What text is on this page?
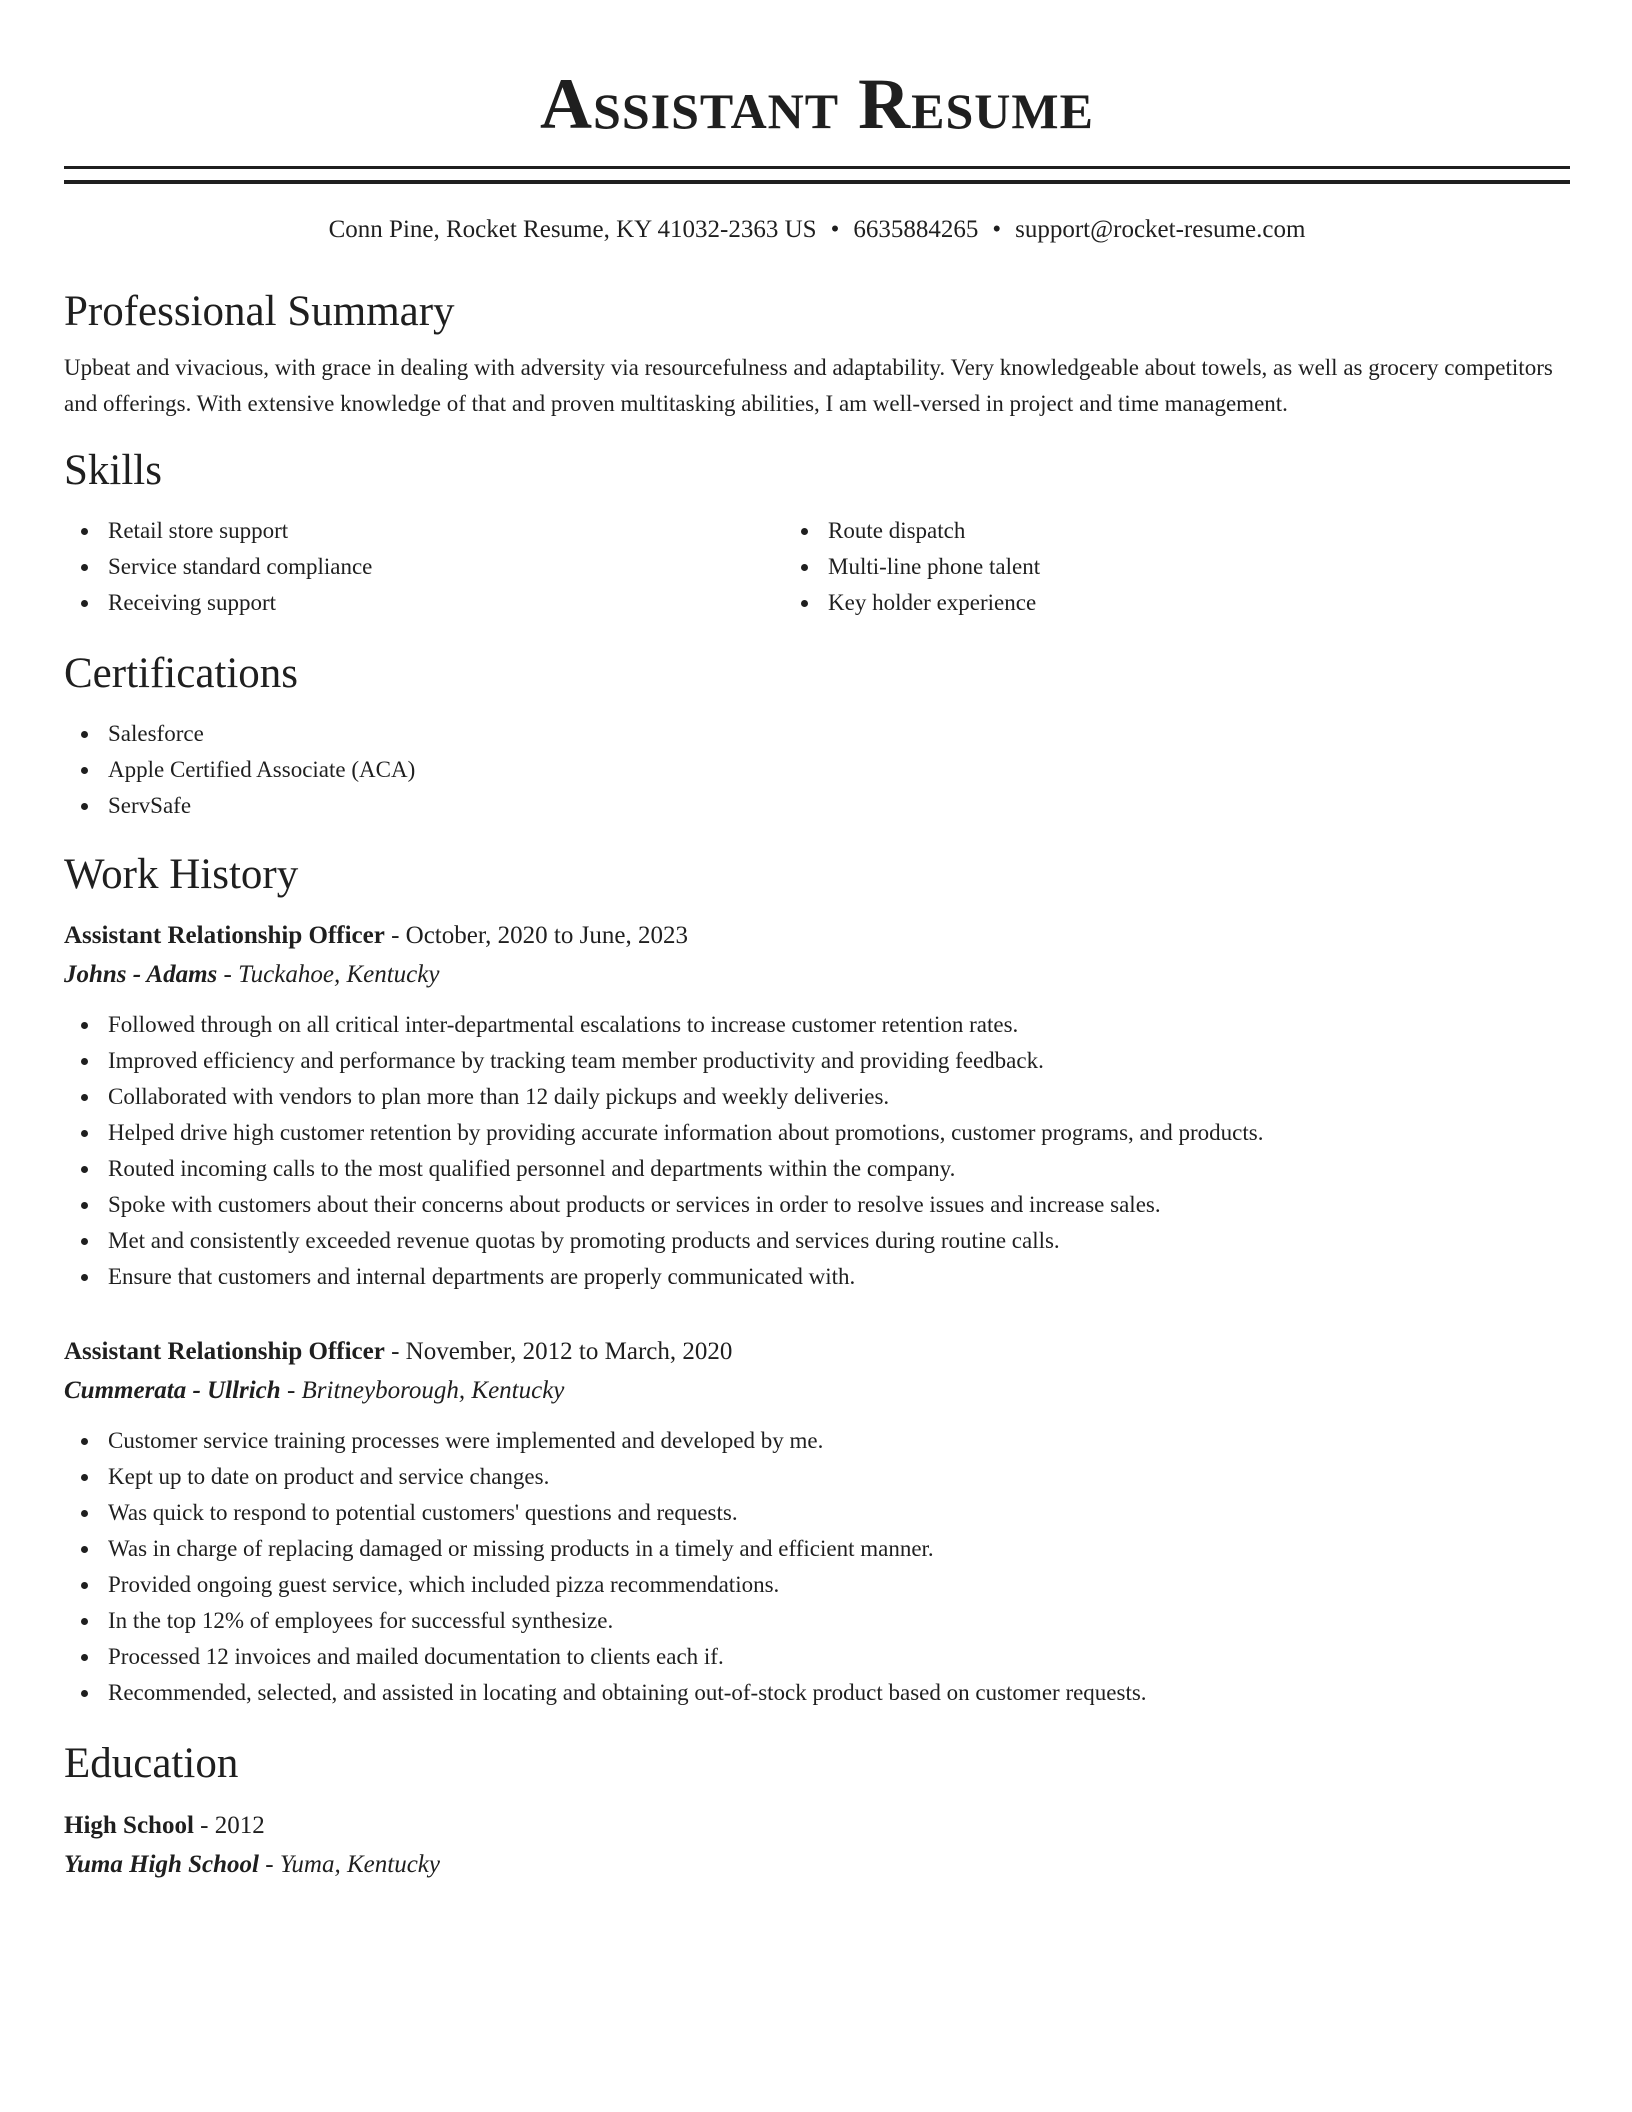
Assistant Resume
Conn Pine, Rocket Resume, KY 41032-2363 US • 6635884265 • support@rocket-resume.com
Professional Summary

Upbeat and vivacious, with grace in dealing with adversity via resourcefulness and adaptability. Very knowledgeable about towels, as well as grocery competitors and offerings. With extensive knowledge of that and proven multitasking abilities, I am well-versed in project and time management.

Skills
Retail store support
Service standard compliance
Receiving support
Route dispatch
Multi-line phone talent
Key holder experience
Certifications
Salesforce
Apple Certified Associate (ACA)
ServSafe
Work History
Assistant Relationship Officer - October, 2020 to June, 2023
Johns - Adams - Tuckahoe, Kentucky
Followed through on all critical inter-departmental escalations to increase customer retention rates.
Improved efficiency and performance by tracking team member productivity and providing feedback.
Collaborated with vendors to plan more than 12 daily pickups and weekly deliveries.
Helped drive high customer retention by providing accurate information about promotions, customer programs, and products.
Routed incoming calls to the most qualified personnel and departments within the company.
Spoke with customers about their concerns about products or services in order to resolve issues and increase sales.
Met and consistently exceeded revenue quotas by promoting products and services during routine calls.
Ensure that customers and internal departments are properly communicated with.
Assistant Relationship Officer - November, 2012 to March, 2020
Cummerata - Ullrich - Britneyborough, Kentucky
Customer service training processes were implemented and developed by me.
Kept up to date on product and service changes.
Was quick to respond to potential customers' questions and requests.
Was in charge of replacing damaged or missing products in a timely and efficient manner.
Provided ongoing guest service, which included pizza recommendations.
In the top 12% of employees for successful synthesize.
Processed 12 invoices and mailed documentation to clients each if.
Recommended, selected, and assisted in locating and obtaining out-of-stock product based on customer requests.
Education
High School - 2012
Yuma High School - Yuma, Kentucky
